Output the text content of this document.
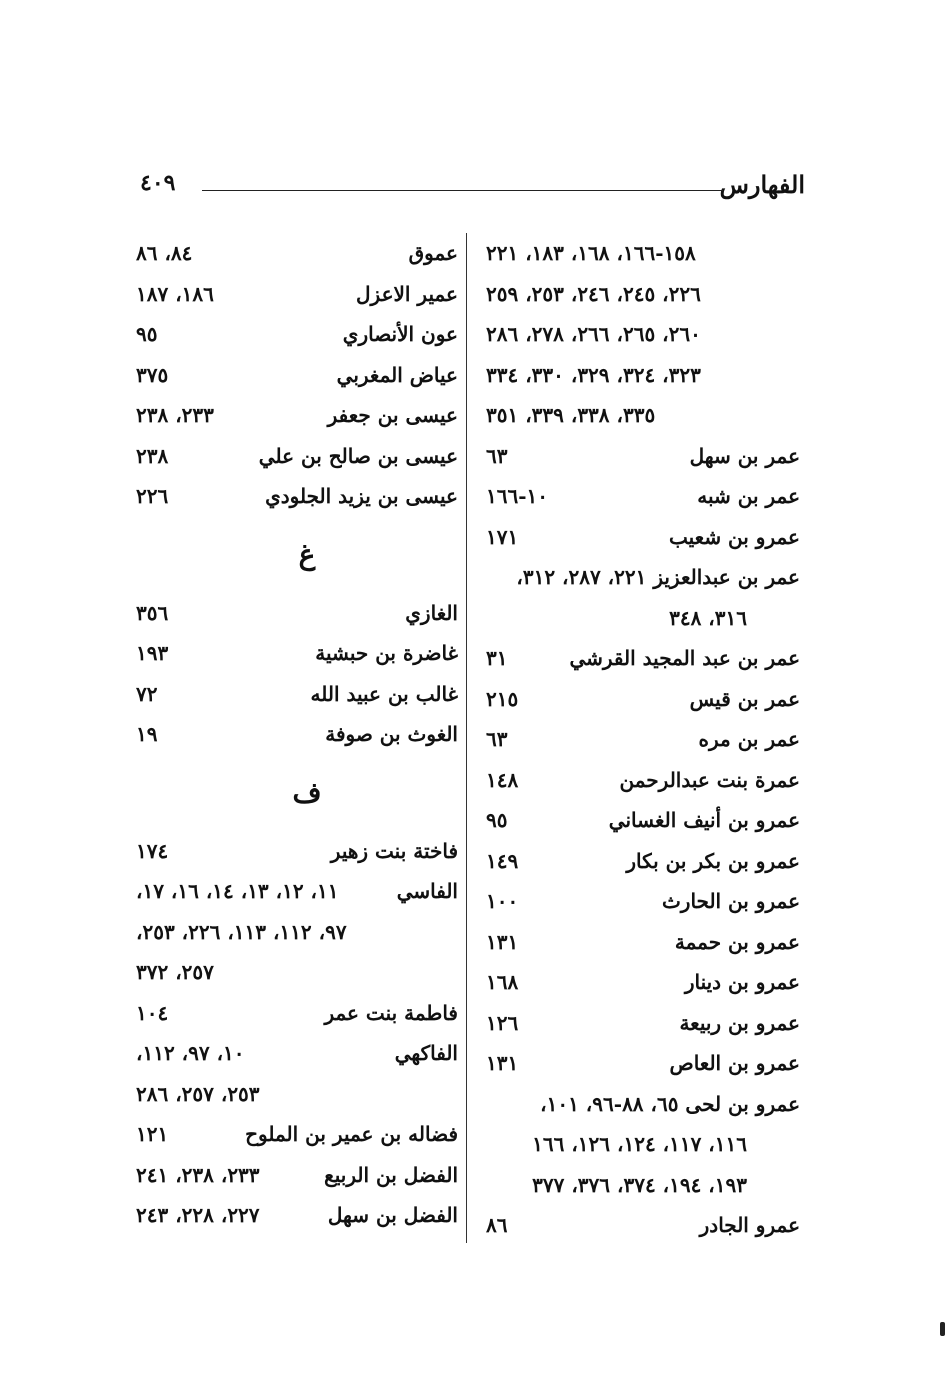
الفهارس
٤٠٩
١٥٨-١٦٦، ١٦٨، ١٨٣، ٢٢١
٢٢٦، ٢٤٥، ٢٤٦، ٢٥٣، ٢٥٩
٢٦٠، ٢٦٥، ٢٦٦، ٢٧٨، ٢٨٦
٣٢٣، ٣٢٤، ٣٢٩، ٣٣٠، ٣٣٤
٣٣٥، ٣٣٨، ٣٣٩، ٣٥١
عمر بن سهل
٦٣
عمر بن شبه
١٠-١٦٦
عمرو بن شعيب
١٧١
عمر بن عبدالعزيز ٢٢١، ٢٨٧، ٣١٢،
٣١٦، ٣٤٨
عمر بن عبد المجيد القرشي
٣١
عمر بن قيس
٢١٥
عمر بن مره
٦٣
عمرة بنت عبدالرحمن
١٤٨
عمرو بن أنيف الغساني
٩٥
عمرو بن بكر بن بكار
١٤٩
عمرو بن الحارث
١٠٠
عمرو بن حممة
١٣١
عمرو بن دينار
١٦٨
عمرو بن ربيعة
١٢٦
عمرو بن العاص
١٣١
عمرو بن لحى ٦٥، ٨٨-٩٦، ١٠١،
١١٦، ١١٧، ١٢٤، ١٢٦، ١٦٦
١٩٣، ١٩٤، ٣٧٤، ٣٧٦، ٣٧٧
عمرو الجادر
٨٦
عموق
٨٤، ٨٦
عمير الاعزل
١٨٦، ١٨٧
عون الأنصاري
٩٥
عياض المغربي
٣٧٥
عيسى بن جعفر
٢٣٣، ٢٣٨
عيسى بن صالح بن علي
٢٣٨
عيسى بن يزيد الجلودي
٢٢٦
غ
الغازي
٣٥٦
غاضرة بن حبشية
١٩٣
غالب بن عبيد الله
٧٢
الغوث بن صوفة
١٩
ف
فاختة بنت زهير
١٧٤
الفاسي
١١، ١٢، ١٣، ١٤، ١٦، ١٧،
٩٧، ١١٢، ١١٣، ٢٢٦، ٢٥٣،
٢٥٧، ٣٧٢
فاطمة بنت عمر
١٠٤
الفاكهي
١٠، ٩٧، ١١٢،
٢٥٣، ٢٥٧، ٢٨٦
فضاله بن عمير بن الملوح
١٢١
الفضل بن الربيع
٢٣٣، ٢٣٨، ٢٤١
الفضل بن سهل
٢٢٧، ٢٢٨، ٢٤٣
